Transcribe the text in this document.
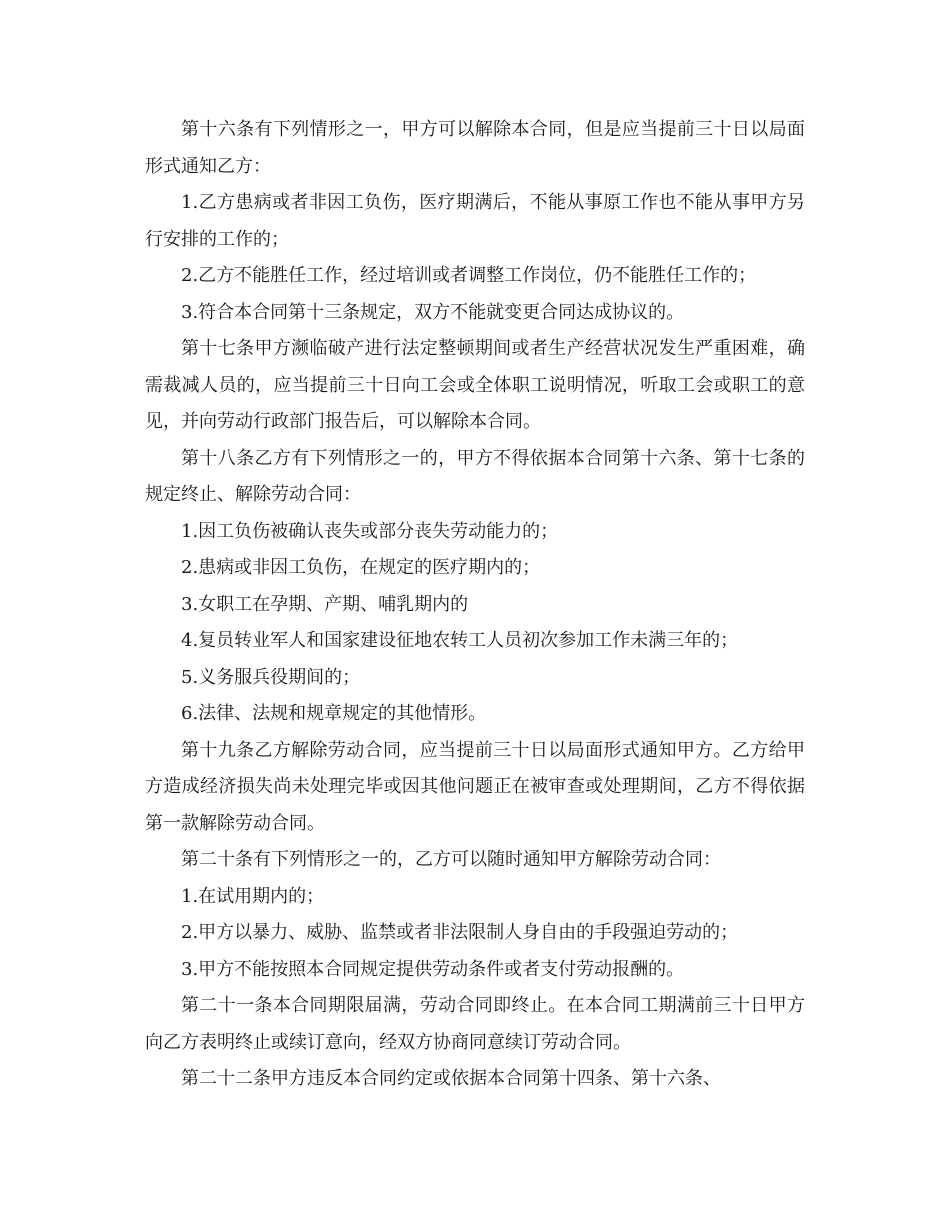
第十六条有下列情形之一，甲方可以解除本合同，但是应当提前三十日以局面形式通知乙方：

1.乙方患病或者非因工负伤，医疗期满后，不能从事原工作也不能从事甲方另行安排的工作的；

2.乙方不能胜任工作，经过培训或者调整工作岗位，仍不能胜任工作的；

3.符合本合同第十三条规定，双方不能就变更合同达成协议的。

第十七条甲方濒临破产进行法定整顿期间或者生产经营状况发生严重困难，确需裁减人员的，应当提前三十日向工会或全体职工说明情况，听取工会或职工的意见，并向劳动行政部门报告后，可以解除本合同。

第十八条乙方有下列情形之一的，甲方不得依据本合同第十六条、第十七条的规定终止、解除劳动合同：

1.因工负伤被确认丧失或部分丧失劳动能力的；

2.患病或非因工负伤，在规定的医疗期内的；

3.女职工在孕期、产期、哺乳期内的

4.复员转业军人和国家建设征地农转工人员初次参加工作未满三年的；

5.义务服兵役期间的；

6.法律、法规和规章规定的其他情形。

第十九条乙方解除劳动合同，应当提前三十日以局面形式通知甲方。乙方给甲方造成经济损失尚未处理完毕或因其他问题正在被审查或处理期间，乙方不得依据第一款解除劳动合同。

第二十条有下列情形之一的，乙方可以随时通知甲方解除劳动合同：

1.在试用期内的；

2.甲方以暴力、威胁、监禁或者非法限制人身自由的手段强迫劳动的；

3.甲方不能按照本合同规定提供劳动条件或者支付劳动报酬的。

第二十一条本合同期限届满，劳动合同即终止。在本合同工期满前三十日甲方向乙方表明终止或续订意向，经双方协商同意续订劳动合同。

第二十二条甲方违反本合同约定或依据本合同第十四条、第十六条、
